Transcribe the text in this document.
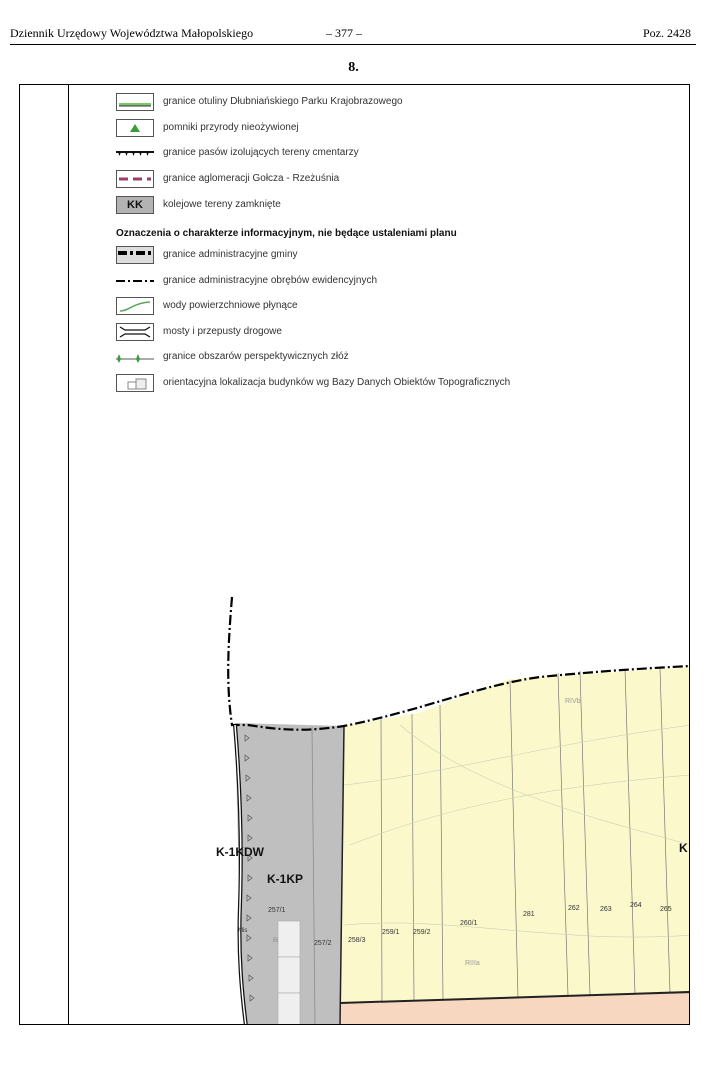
Dziennik Urzędowy Województwa Małopolskiego	– 377 –	Poz. 2428
8.
granice otuliny Dłubniańskiego Parku Krajobrazowego
pomniki przyrody nieożywionej
granice pasów izolujących tereny cmentarzy
granice aglomeracji Gołcza - Rzeżuśnia
KK	kolejowe tereny zamknięte
Oznaczenia o charakterze informacyjnym, nie będące ustaleniami planu
granice administracyjne gminy
granice administracyjne obrębów ewidencyjnych
wody powierzchniowe płynące
mosty i przepusty drogowe
granice obszarów perspektywicznych złóż
orientacyjna lokalizacja budynków wg Bazy Danych Obiektów Topograficznych
K-1KDW
K-1KP
K
RIVb
RIIIa
Mis
Bi
257/1
257/2 258/3
259/1 259/2
260/1
281
262	263
264
265
